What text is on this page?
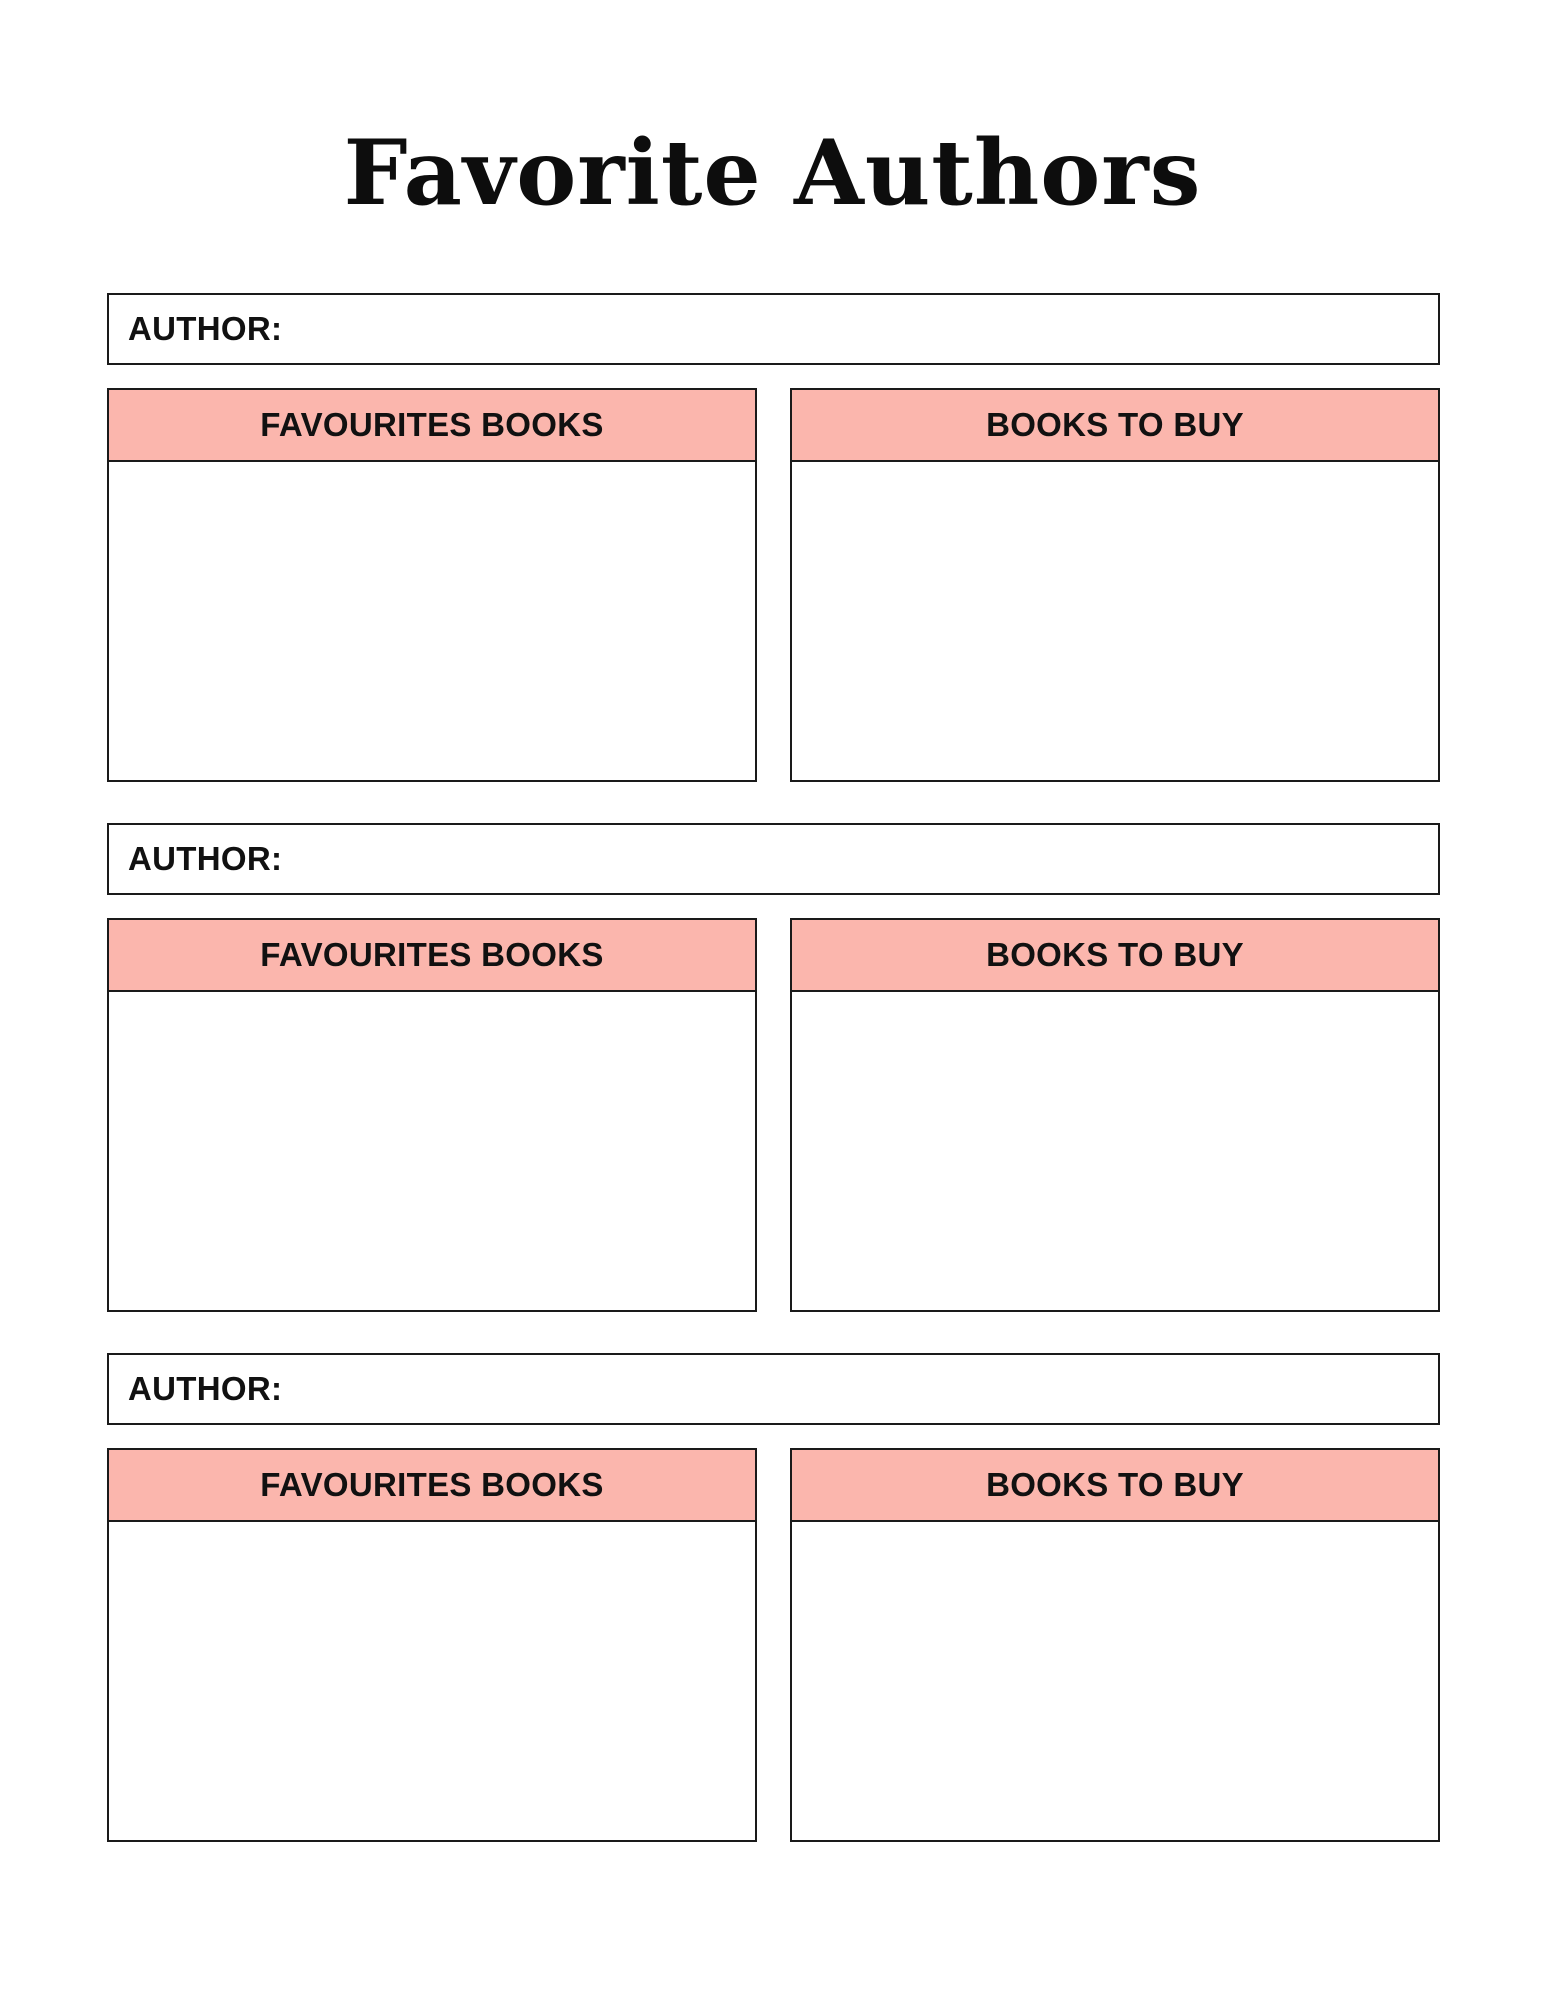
Favorite Authors
AUTHOR:
FAVOURITES BOOKS	BOOKS TO BUY
AUTHOR:
FAVOURITES BOOKS	BOOKS TO BUY
AUTHOR:
FAVOURITES BOOKS	BOOKS TO BUY
